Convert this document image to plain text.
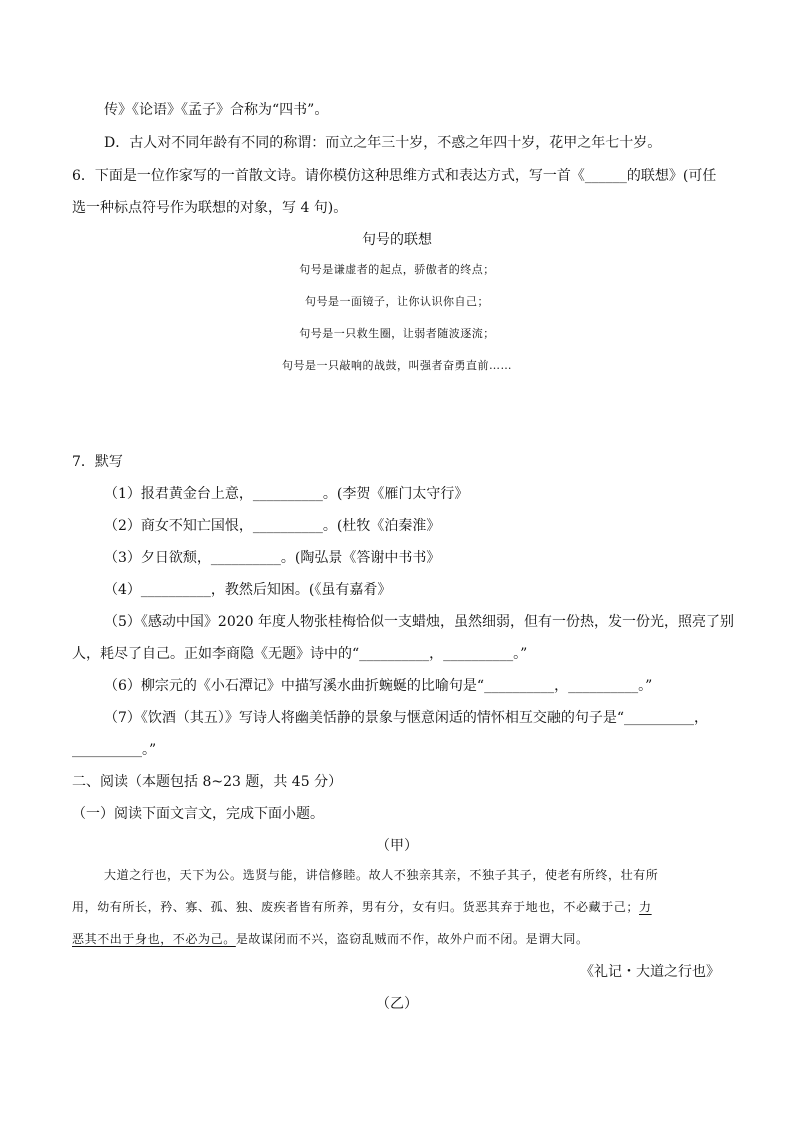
传》《论语》《孟子》合称为“四书”。
D．古人对不同年龄有不同的称谓：而立之年三十岁，不惑之年四十岁，花甲之年七十岁。
6．下面是一位作家写的一首散文诗。请你模仿这种思维方式和表达方式，写一首《______的联想》(可任
选一种标点符号作为联想的对象，写 4 句)。
句号的联想
句号是谦虚者的起点，骄傲者的终点；
句号是一面镜子，让你认识你自己；
句号是一只救生圈，让弱者随波逐流；
句号是一只敲响的战鼓，叫强者奋勇直前……
7．默写
（1）报君黄金台上意，__________。(李贺《雁门太守行》
（2）商女不知亡国恨，__________。(杜牧《泊秦淮》
（3）夕日欲颓，__________。(陶弘景《答谢中书书》
（4）__________，教然后知困。(《虽有嘉肴》
（5）《感动中国》2020 年度人物张桂梅恰似一支蜡烛，虽然细弱，但有一份热，发一份光，照亮了别
人，耗尽了自己。正如李商隐《无题》诗中的“__________，__________。”
（6）柳宗元的《小石潭记》中描写溪水曲折蜿蜒的比喻句是“__________，__________。”
（7）《饮酒（其五）》写诗人将幽美恬静的景象与惬意闲适的情怀相互交融的句子是“__________，
__________。”
二、阅读（本题包括 8~23 题，共 45 分）
（一）阅读下面文言文，完成下面小题。
（甲）
大道之行也，天下为公。选贤与能，讲信修睦。故人不独亲其亲，不独子其子，使老有所终，壮有所
用，幼有所长，矜、寡、孤、独、废疾者皆有所养，男有分，女有归。货恶其弃于地也，不必藏于己；力
恶其不出于身也，不必为己。是故谋闭而不兴，盗窃乱贼而不作，故外户而不闭。是谓大同。
《礼记・大道之行也》
（乙）
